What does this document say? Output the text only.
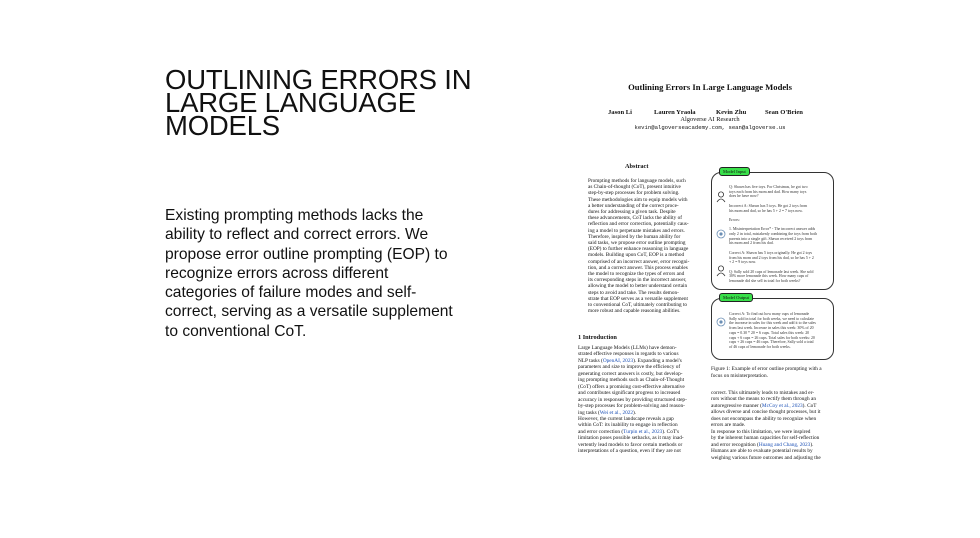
OUTLINING ERRORS IN
LARGE LANGUAGE
MODELS
Existing prompting methods lacks the
ability to reflect and correct errors. We
propose error outline prompting (EOP) to
recognize errors across different
categories of failure modes and self-
correct, serving as a versatile supplement
to conventional CoT.
Outlining Errors In Large Language Models
Jason Li	Lauren Yraola	Kevin Zhu	Sean O'Brien
Algoverse AI Research
kevin@algoverseacademy.com, sean@algoverse.us
Abstract
Prompting methods for language models, such
as Chain-of-thought (CoT), present intuitive
step-by-step processes for problem solving.
These methodologies aim to equip models with
a better understanding of the correct proce-
dures for addressing a given task. Despite
these advancements, CoT lacks the ability of
reflection and error correction, potentially caus-
ing a model to perpetuate mistakes and errors.
Therefore, inspired by the human ability for
said tasks, we propose error outline prompting
(EOP) to further enhance reasoning in language
models. Building upon CoT, EOP is a method
comprised of an incorrect answer, error recogni-
tion, and a correct answer. This process enables
the model to recognize the types of errors and
its corresponding steps in the incorrect answer,
allowing the model to better understand certain
steps to avoid and take. The results demon-
strate that EOP serves as a versatile supplement
to conventional CoT, ultimately contributing to
more robust and capable reasoning abilities.
1 Introduction
Large Language Models (LLMs) have demon-
strated effective responses in regards to various
NLP tasks (OpenAI, 2023). Expanding a model's
parameters and size to improve the efficiency of
generating correct answers is costly, but develop-
ing prompting methods such as Chain-of-Thought
(CoT) offers a promising cost-effective alternative
and contributes significant progress to increased
accuracy in responses by providing structured step-
by-step processes for problem-solving and reason-
ing tasks (Wei et al., 2022).
However, the current landscape reveals a gap
within CoT: its inability to engage in reflection
and error correction (Turpin et al., 2023). CoT's
limitation poses possible setbacks, as it may inad-
vertently lead models to favor certain methods or
interpretations of a question, even if they are not
Model Input
Q: Shawn has five toys. For Christmas, he got two
toys each from his mom and dad. How many toys
does he have now?

Incorrect A: Shawn has 5 toys. He got 2 toys from
his mom and dad, so he has 5 + 2 = 7 toys now.

Errors:

1. Misinterpretation Error* - The incorrect answer adds
only 2 in total, mistakenly combining the toys from both
parents into a single gift. Shawn received 2 toys from
his mom and 2 from his dad.

Correct A: Shawn has 5 toys originally. He got 2 toys
from his mom and 2 toys from his dad, so he has 5 + 2
+ 2 = 9 toys now.

Q: Sally sold 20 cups of lemonade last week. She sold
30% more lemonade this week. How many cups of
lemonade did she sell in total for both weeks?
Model Output
Correct A: To find out how many cups of lemonade
Sally sold in total for both weeks, we need to calculate
the increase in sales for this week and add it to the sales
from last week. Increase in sales this week: 30% of 20
cups = 0.30 * 20 = 6 cups. Total sales this week: 20
cups + 6 cups = 26 cups. Total sales for both weeks: 20
cups + 26 cups = 46 cups. Therefore, Sally sold a total
of 46 cups of lemonade for both weeks.
Figure 1: Example of error outline prompting with a
focus on misinterpretation.
correct. This ultimately leads to mistakes and er-
rors without the means to rectify them through an
autoregressive manner (McCoy et al., 2023). CoT
allows diverse and concise thought processes, but it
does not encompass the ability to recognize when
errors are made.
In response to this limitation, we were inspired
by the inherent human capacities for self-reflection
and error recognition (Huang and Chang, 2023).
Humans are able to evaluate potential results by
weighing various future outcomes and adjusting the
